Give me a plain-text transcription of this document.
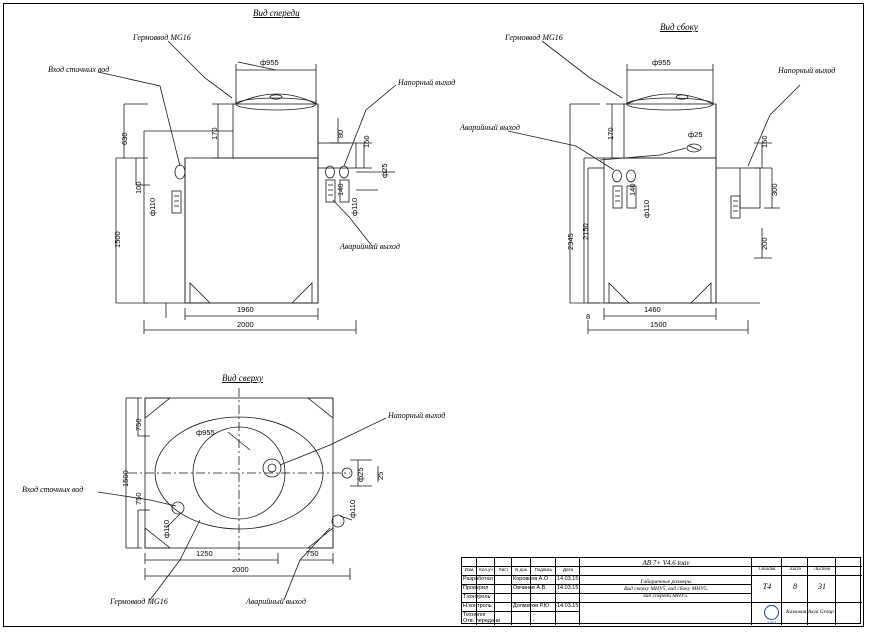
Вид спереди
Гермоввод MG16
Вход сточных вод
Напорный выход
Аварийный выход
ф955
170	80
150
630
100
ф110
ф25
140
ф110
1500
1960
2000
Вид сбоку
Гермоввод MG16
Аварийный выход
Напорный выход
ф955
170	ф25
150
140
ф110
300
200
2345
2150
1460
1500
8
Вид сверху
Напорный выход
Вход сточных вод
Гермоввод MG16	Аварийный выход
ф955
750
1500
750
ф25 25
ф110
ф110
1250	750
2000
АВ 7+ V4.6 toav
Изм.	Кол.уч	Лист	N док.	Подпись	Дата
Разработал	Коровьев А.О	14.03.15
Проверил	Овчинов А.В.	14.03.15
Т.контроль
Н.контроль	Долматов Р.Ю.	14.03.15
Технолог	-
Отв. передачи	-
Габаритные размеры
Вид сверху МНУ5, вид сбоку МНУ5,
вид спереди МНУ5.
Стадия	Лист	Листов
Т4	8	31
АЛГА
Камовая Алга Group
